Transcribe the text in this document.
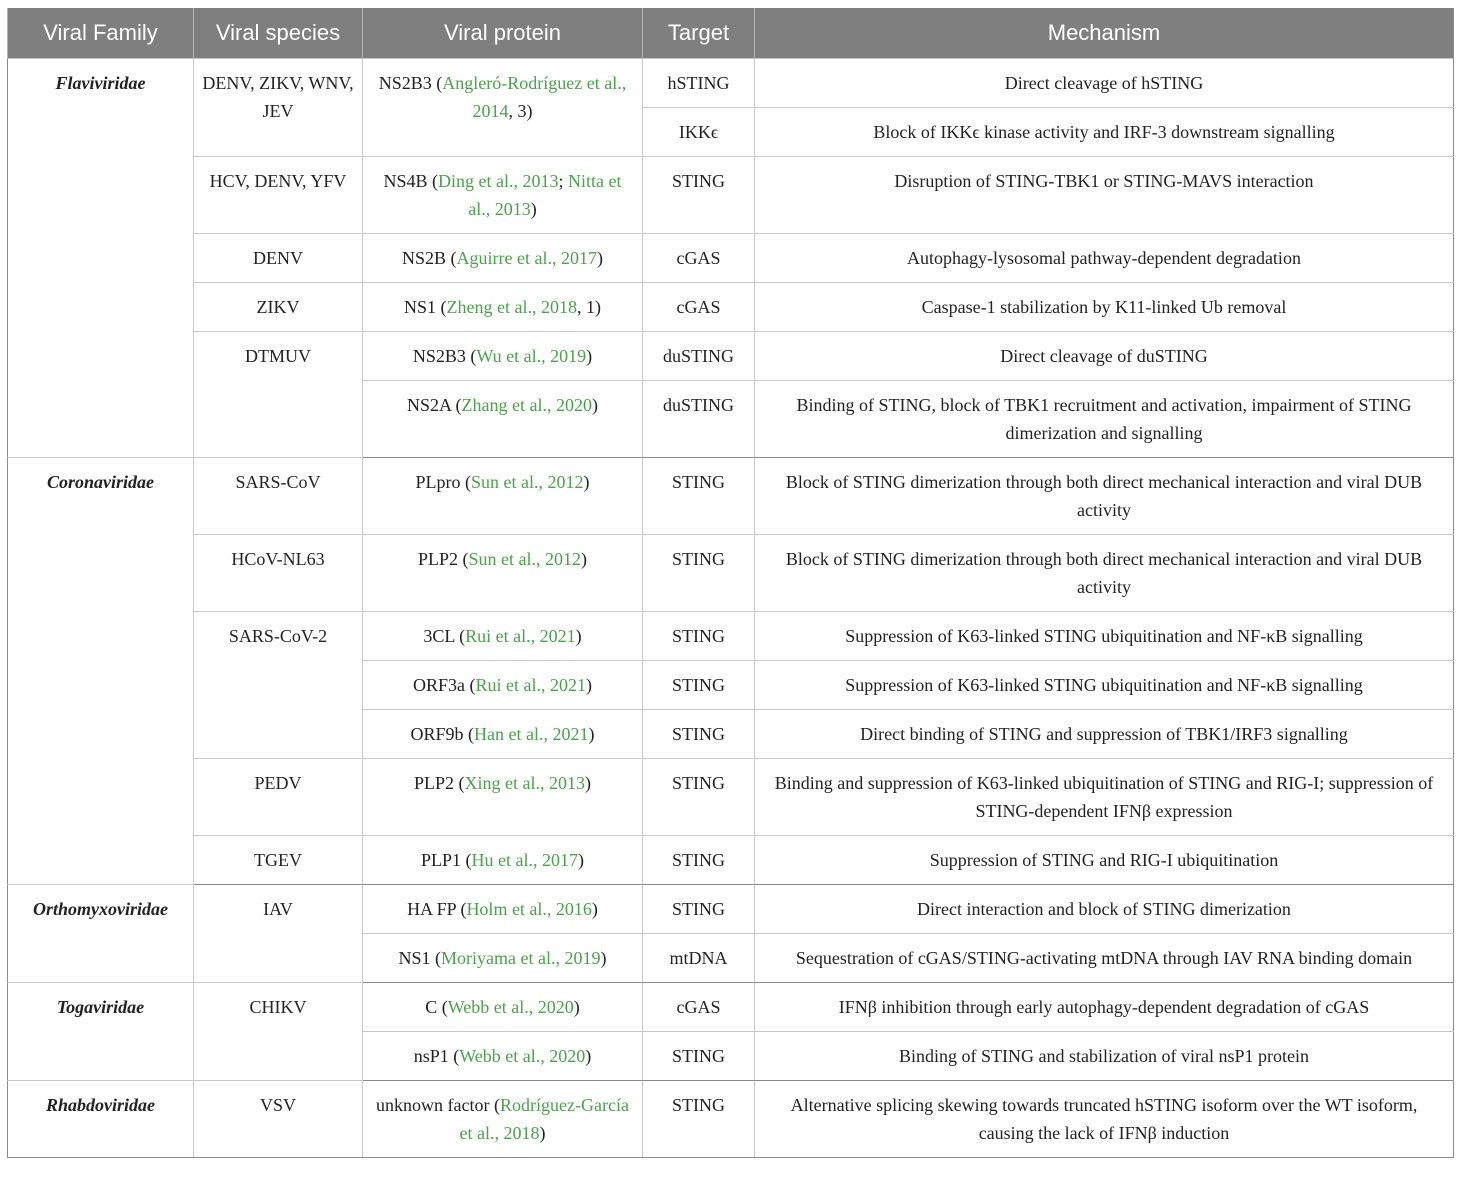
Viral Family	Viral species	Viral protein	Target	Mechanism
Flaviviridae	DENV, ZIKV, WNV, JEV	NS2B3 (Angleró-Rodríguez et al., 2014, 3)	hSTING	Direct cleavage of hSTING
			IKKϵ	Block of IKKϵ kinase activity and IRF-3 downstream signalling
	HCV, DENV, YFV	NS4B (Ding et al., 2013; Nitta et al., 2013)	STING	Disruption of STING-TBK1 or STING-MAVS interaction
	DENV	NS2B (Aguirre et al., 2017)	cGAS	Autophagy-lysosomal pathway-dependent degradation
	ZIKV	NS1 (Zheng et al., 2018, 1)	cGAS	Caspase-1 stabilization by K11-linked Ub removal
	DTMUV	NS2B3 (Wu et al., 2019)	duSTING	Direct cleavage of duSTING
		NS2A (Zhang et al., 2020)	duSTING	Binding of STING, block of TBK1 recruitment and activation, impairment of STING dimerization and signalling
Coronaviridae	SARS-CoV	PLpro (Sun et al., 2012)	STING	Block of STING dimerization through both direct mechanical interaction and viral DUB activity
	HCoV-NL63	PLP2 (Sun et al., 2012)	STING	Block of STING dimerization through both direct mechanical interaction and viral DUB activity
	SARS-CoV-2	3CL (Rui et al., 2021)	STING	Suppression of K63-linked STING ubiquitination and NF-κB signalling
		ORF3a (Rui et al., 2021)	STING	Suppression of K63-linked STING ubiquitination and NF-κB signalling
		ORF9b (Han et al., 2021)	STING	Direct binding of STING and suppression of TBK1/IRF3 signalling
	PEDV	PLP2 (Xing et al., 2013)	STING	Binding and suppression of K63-linked ubiquitination of STING and RIG-I; suppression of STING-dependent IFNβ expression
	TGEV	PLP1 (Hu et al., 2017)	STING	Suppression of STING and RIG-I ubiquitination
Orthomyxoviridae	IAV	HA FP (Holm et al., 2016)	STING	Direct interaction and block of STING dimerization
		NS1 (Moriyama et al., 2019)	mtDNA	Sequestration of cGAS/STING-activating mtDNA through IAV RNA binding domain
Togaviridae	CHIKV	C (Webb et al., 2020)	cGAS	IFNβ inhibition through early autophagy-dependent degradation of cGAS
		nsP1 (Webb et al., 2020)	STING	Binding of STING and stabilization of viral nsP1 protein
Rhabdoviridae	VSV	unknown factor (Rodríguez-García et al., 2018)	STING	Alternative splicing skewing towards truncated hSTING isoform over the WT isoform, causing the lack of IFNβ induction
